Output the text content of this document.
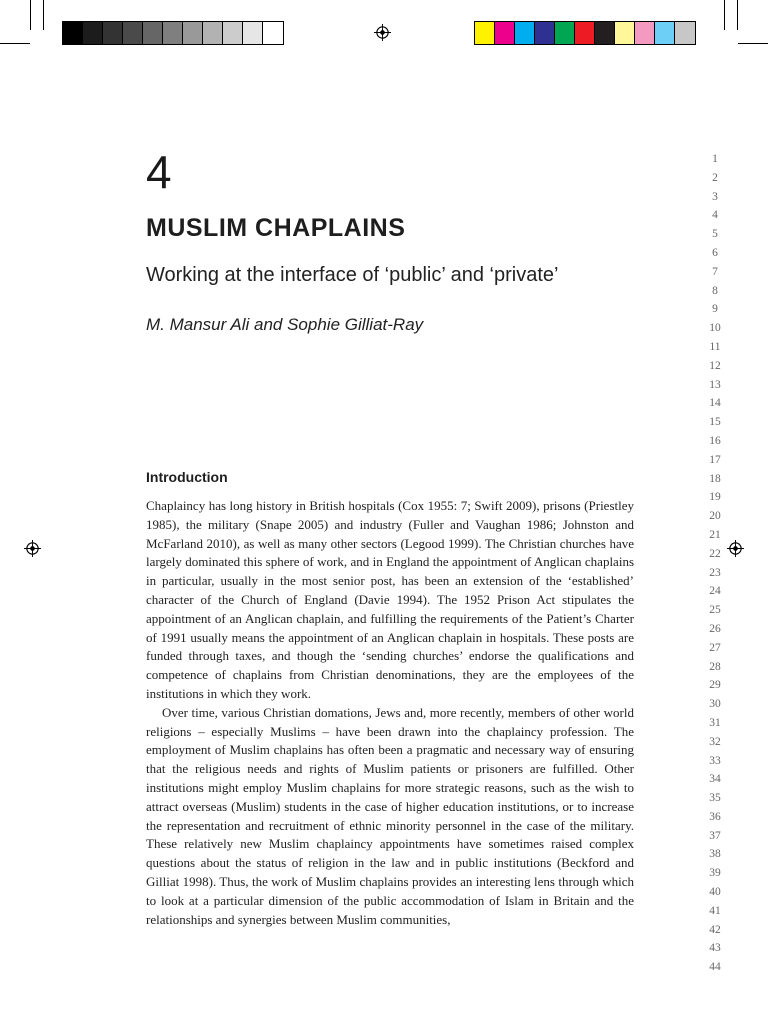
4
MUSLIM CHAPLAINS
Working at the interface of ‘public’ and ‘private’
M. Mansur Ali and Sophie Gilliat-Ray
Introduction

Chaplaincy has long history in British hospitals (Cox 1955: 7; Swift 2009), prisons (Priestley 1985), the military (Snape 2005) and industry (Fuller and Vaughan 1986; Johnston and McFarland 2010), as well as many other sectors (Legood 1999). The Christian churches have largely dominated this sphere of work, and in England the appointment of Anglican chaplains in particular, usually in the most senior post, has been an extension of the ‘established’ character of the Church of England (Davie 1994). The 1952 Prison Act stipulates the appointment of an Anglican chaplain, and fulfilling the requirements of the Patient’s Charter of 1991 usually means the appointment of an Anglican chaplain in hospitals. These posts are funded through taxes, and though the ‘sending churches’ endorse the qualifications and competence of chaplains from Christian denominations, they are the employees of the institutions in which they work.

Over time, various Christian domations, Jews and, more recently, members of other world religions – especially Muslims – have been drawn into the chaplaincy profession. The employment of Muslim chaplains has often been a pragmatic and necessary way of ensuring that the religious needs and rights of Muslim patients or prisoners are fulfilled. Other institutions might employ Muslim chaplains for more strategic reasons, such as the wish to attract overseas (Muslim) students in the case of higher education institutions, or to increase the representation and recruitment of ethnic minority personnel in the case of the military. These relatively new Muslim chaplaincy appointments have sometimes raised complex questions about the status of religion in the law and in public institutions (Beckford and Gilliat 1998). Thus, the work of Muslim chaplains provides an interesting lens through which to look at a particular dimension of the public accommodation of Islam in Britain and the relationships and synergies between Muslim communities,

1
2
3
4
5
6
7
8
9
10
11
12
13
14
15
16
17
18
19
20
21
22
23
24
25
26
27
28
29
30
31
32
33
34
35
36
37
38
39
40
41
42
43
44
